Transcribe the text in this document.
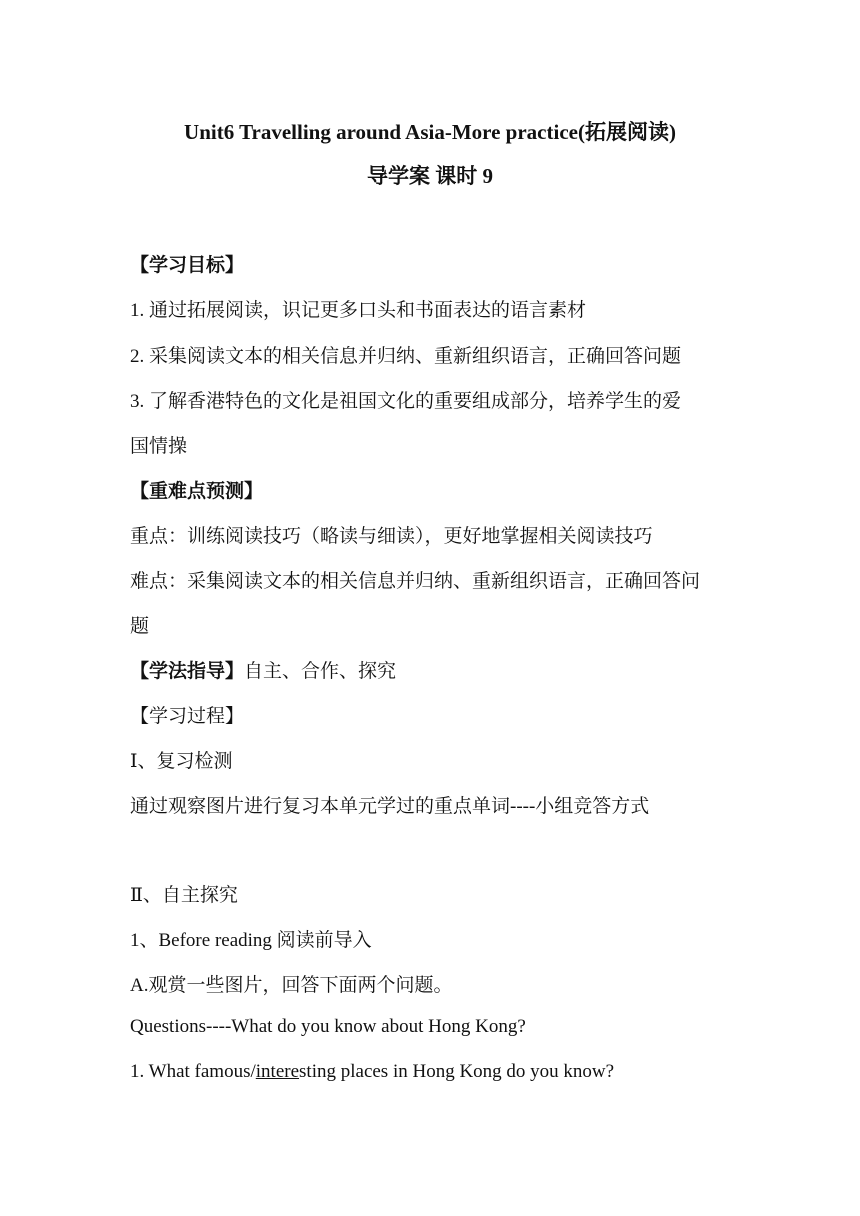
Unit6 Travelling around Asia-More practice(拓展阅读)
导学案 课时 9
【学习目标】
1. 通过拓展阅读，识记更多口头和书面表达的语言素材
2. 采集阅读文本的相关信息并归纳、重新组织语言，正确回答问题
3. 了解香港特色的文化是祖国文化的重要组成部分，培养学生的爱
国情操
【重难点预测】
重点：训练阅读技巧（略读与细读），更好地掌握相关阅读技巧
难点：采集阅读文本的相关信息并归纳、重新组织语言，正确回答问
题
【学法指导】自主、合作、探究
【学习过程】
Ⅰ、复习检测
通过观察图片进行复习本单元学过的重点单词----小组竞答方式
Ⅱ、自主探究
1、Before reading 阅读前导入
A.观赏一些图片，回答下面两个问题。
Questions----What do you know about Hong Kong?
1. What famous/interesting places in Hong Kong do you know?
